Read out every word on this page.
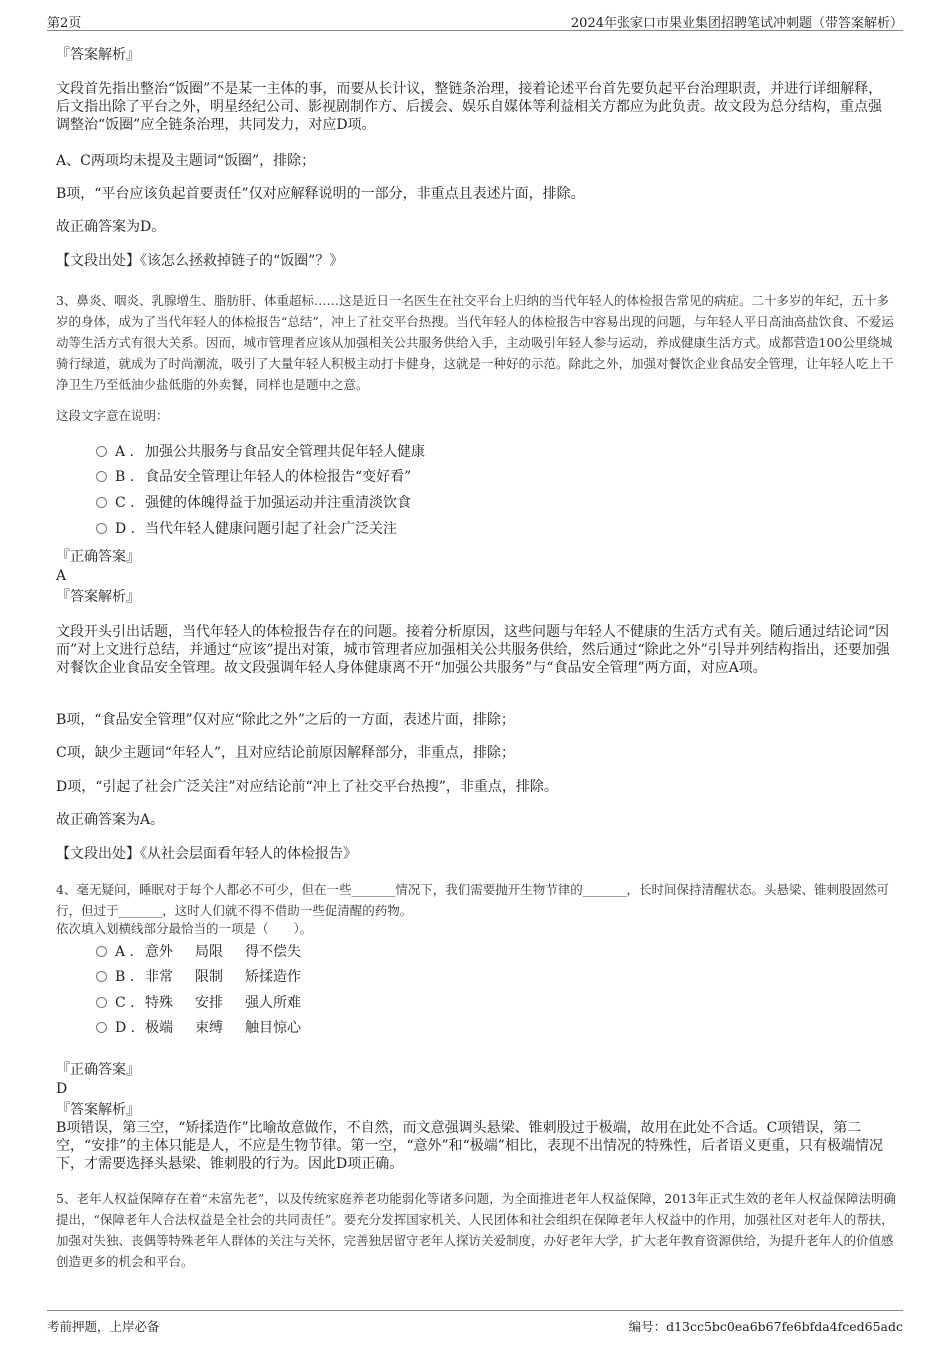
第2页	2024年张家口市果业集团招聘笔试冲刺题（带答案解析）
『答案解析』
文段首先指出整治“饭圈”不是某一主体的事，而要从长计议，整链条治理，接着论述平台首先要负起平台治理职责，并进行详细解释，后文指出除了平台之外，明星经纪公司、影视剧制作方、后援会、娱乐自媒体等利益相关方都应为此负责。故文段为总分结构，重点强调整治“饭圈”应全链条治理，共同发力，对应D项。
A、C两项均未提及主题词“饭圈”，排除；
B项，“平台应该负起首要责任”仅对应解释说明的一部分，非重点且表述片面，排除。
故正确答案为D。
【文段出处】《该怎么拯救掉链子的“饭圈”？》
3、鼻炎、咽炎、乳腺增生、脂肪肝、体重超标……这是近日一名医生在社交平台上归纳的当代年轻人的体检报告常见的病症。二十多岁的年纪，五十多岁的身体，成为了当代年轻人的体检报告“总结”，冲上了社交平台热搜。当代年轻人的体检报告中容易出现的问题，与年轻人平日高油高盐饮食、不爱运动等生活方式有很大关系。因而，城市管理者应该从加强相关公共服务供给入手，主动吸引年轻人参与运动，养成健康生活方式。成都营造100公里绕城骑行绿道，就成为了时尚潮流，吸引了大量年轻人积极主动打卡健身，这就是一种好的示范。除此之外，加强对餐饮企业食品安全管理，让年轻人吃上干净卫生乃至低油少盐低脂的外卖餐，同样也是题中之意。
这段文字意在说明：
A . 加强公共服务与食品安全管理共促年轻人健康
B . 食品安全管理让年轻人的体检报告“变好看”
C . 强健的体魄得益于加强运动并注重清淡饮食
D . 当代年轻人健康问题引起了社会广泛关注
『正确答案』
A
『答案解析』
文段开头引出话题，当代年轻人的体检报告存在的问题。接着分析原因，这些问题与年轻人不健康的生活方式有关。随后通过结论词“因而”对上文进行总结，并通过“应该”提出对策，城市管理者应加强相关公共服务供给，然后通过“除此之外”引导并列结构指出，还要加强对餐饮企业食品安全管理。故文段强调年轻人身体健康离不开“加强公共服务”与“食品安全管理”两方面，对应A项。
B项，“食品安全管理”仅对应“除此之外”之后的一方面，表述片面，排除；
C项，缺少主题词“年轻人”，且对应结论前原因解释部分，非重点，排除；
D项，“引起了社会广泛关注”对应结论前“冲上了社交平台热搜”，非重点，排除。
故正确答案为A。
【文段出处】《从社会层面看年轻人的体检报告》
4、毫无疑问，睡眠对于每个人都必不可少，但在一些_______情况下，我们需要抛开生物节律的_______，长时间保持清醒状态。头悬梁、锥刺股固然可行，但过于_______，这时人们就不得不借助一些促清醒的药物。
依次填入划横线部分最恰当的一项是（　　）。
A . 意外 局限 得不偿失
B . 非常 限制 矫揉造作
C . 特殊 安排 强人所难
D . 极端 束缚 触目惊心
『正确答案』
D
『答案解析』
B项错误，第三空，“矫揉造作”比喻故意做作，不自然，而文意强调头悬梁、锥刺股过于极端，故用在此处不合适。C项错误，第二空，“安排”的主体只能是人，不应是生物节律。第一空，“意外”和“极端”相比，表现不出情况的特殊性，后者语义更重，只有极端情况下，才需要选择头悬梁、锥刺股的行为。因此D项正确。
5、老年人权益保障存在着“未富先老”，以及传统家庭养老功能弱化等诸多问题，为全面推进老年人权益保障，2013年正式生效的老年人权益保障法明确提出，“保障老年人合法权益是全社会的共同责任”。要充分发挥国家机关、人民团体和社会组织在保障老年人权益中的作用，加强社区对老年人的帮扶，加强对失独、丧偶等特殊老年人群体的关注与关怀，完善独居留守老年人探访关爱制度，办好老年大学，扩大老年教育资源供给，为提升老年人的价值感创造更多的机会和平台。
考前押题，上岸必备	编号：d13cc5bc0ea6b67fe6bfda4fced65adc
